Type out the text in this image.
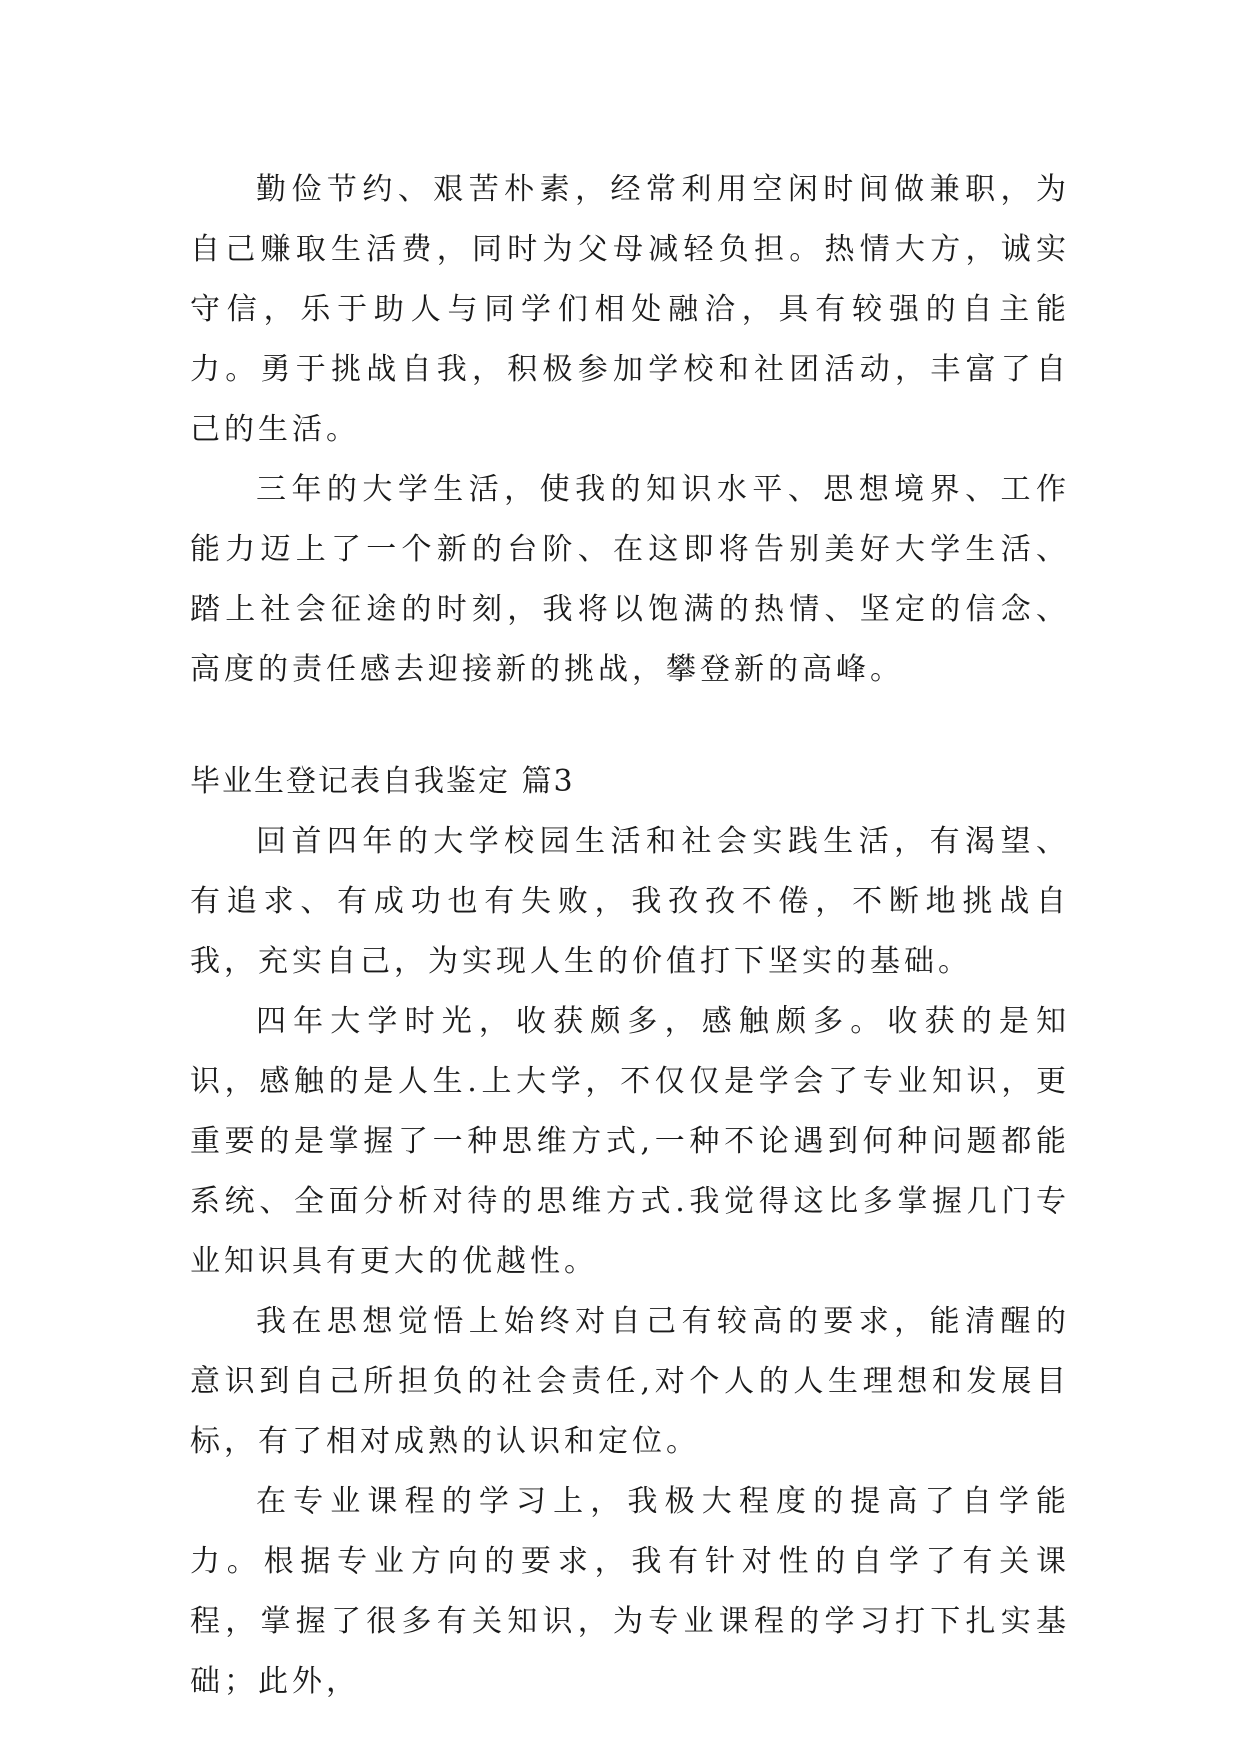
勤俭节约、艰苦朴素，经常利用空闲时间做兼职，为自己赚取生活费，同时为父母减轻负担。热情大方，诚实守信，乐于助人与同学们相处融洽，具有较强的自主能力。勇于挑战自我，积极参加学校和社团活动，丰富了自己的生活。

三年的大学生活，使我的知识水平、思想境界、工作能力迈上了一个新的台阶、在这即将告别美好大学生活、踏上社会征途的时刻，我将以饱满的热情、坚定的信念、高度的责任感去迎接新的挑战，攀登新的高峰。

毕业生登记表自我鉴定 篇3

回首四年的大学校园生活和社会实践生活，有渴望、有追求、有成功也有失败，我孜孜不倦，不断地挑战自我，充实自己，为实现人生的价值打下坚实的基础。

四年大学时光，收获颇多，感触颇多。收获的是知识，感触的是人生.上大学，不仅仅是学会了专业知识，更重要的是掌握了一种思维方式,一种不论遇到何种问题都能系统、全面分析对待的思维方式.我觉得这比多掌握几门专业知识具有更大的优越性。

我在思想觉悟上始终对自己有较高的要求，能清醒的意识到自己所担负的社会责任,对个人的人生理想和发展目标，有了相对成熟的认识和定位。

在专业课程的学习上，我极大程度的提高了自学能力。根据专业方向的要求，我有针对性的自学了有关课程，掌握了很多有关知识，为专业课程的学习打下扎实基础；此外，
